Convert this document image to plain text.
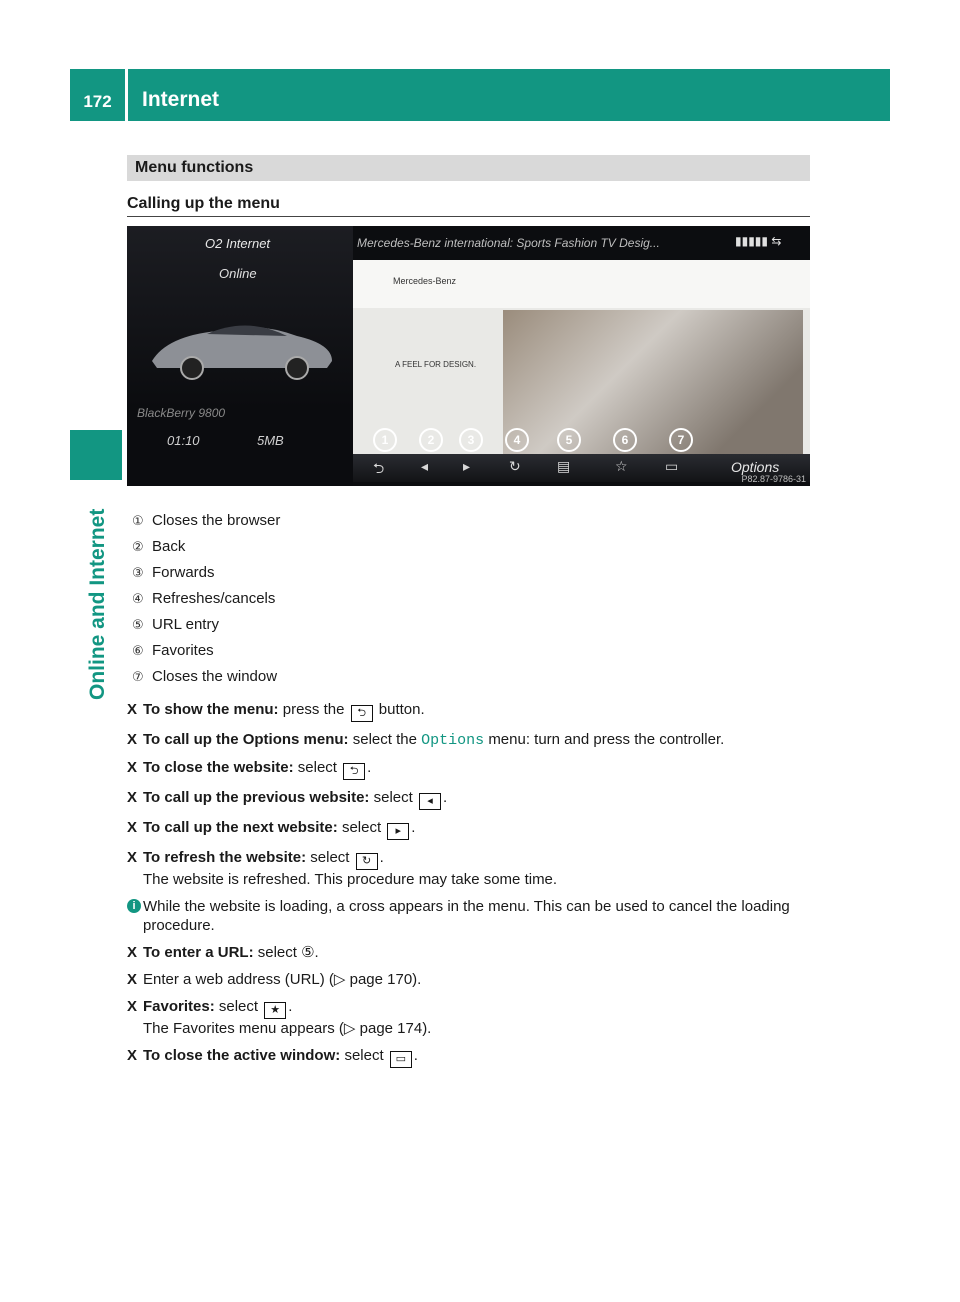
172	Internet
Online and Internet
Menu functions
Calling up the menu
O2 Internet
Online
BlackBerry 9800
01:10	5MB
Mercedes-Benz international: Sports Fashion TV Desig...	▮▮▮▮▮ ⇆
Mercedes-Benz
A FEEL FOR DESIGN.
1	2	3	4	5	6	7
⮌	◂ ▸	↻	▤	☆	▭	Options
P82.87-9786-31
① Closes the browser
② Back
③ Forwards
④ Refreshes/cancels
⑤ URL entry
⑥ Favorites
⑦ Closes the window
X To show the menu: press the ⮌ button.
X To call up the Options menu: select the Options menu: turn and press the controller.
X To close the website: select ⮌ .
X To call up the previous website: select ◂ .
X To call up the next website: select ▸ .
X To refresh the website: select ↻ .
The website is refreshed. This procedure may take some time.
i While the website is loading, a cross appears in the menu. This can be used to cancel the loading procedure.
X To enter a URL: select ⑤.
X Enter a web address (URL) (▷ page 170).
X Favorites: select ★ .
The Favorites menu appears (▷ page 174).
X To close the active window: select ▭ .
